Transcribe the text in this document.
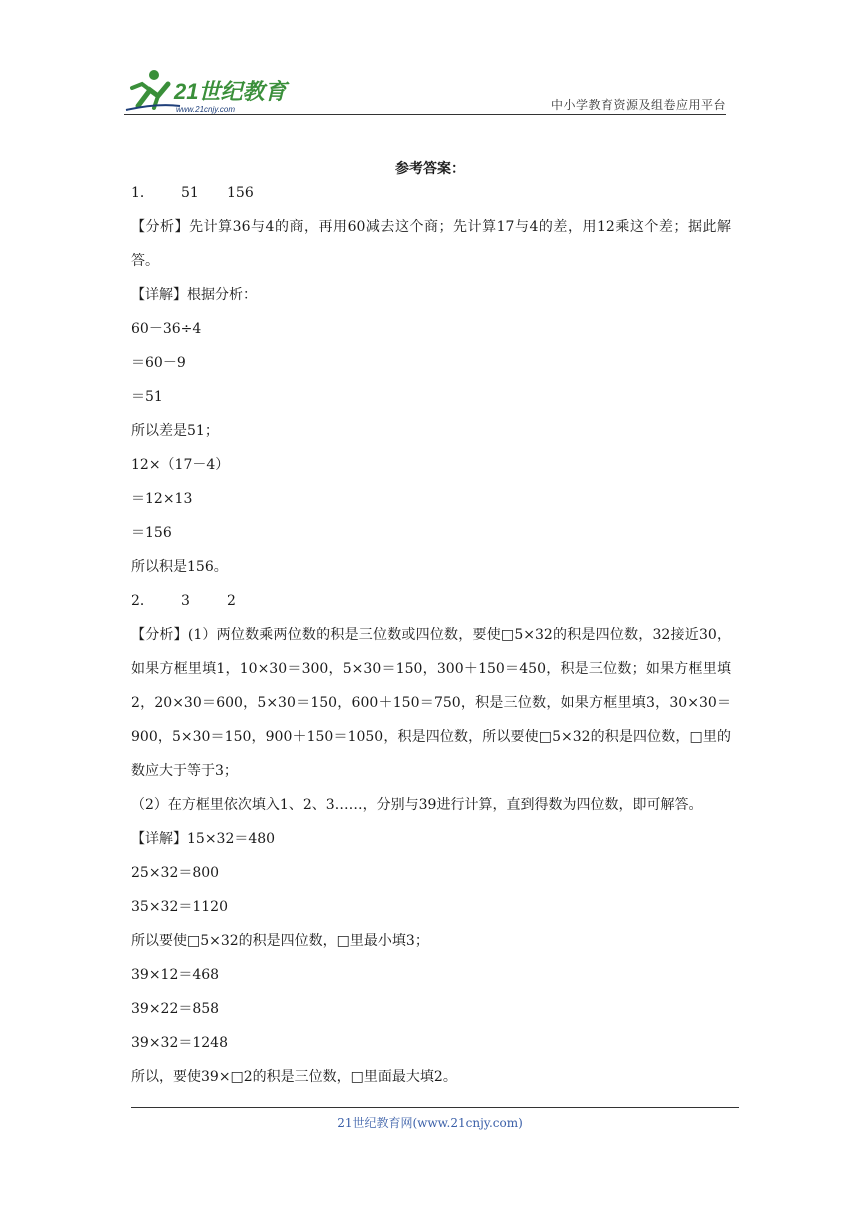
21世纪教育
www.21cnjy.com	中小学教育资源及组卷应用平台
参考答案：
1． 51 156
【分析】先计算36与4的商，再用60减去这个商；先计算17与4的差，用12乘这个差；据此解答。
【详解】根据分析：
60－36÷4
＝60－9
＝51
所以差是51；
12×（17－4）
＝12×13
＝156
所以积是156。
2． 3	2
【分析】(1）两位数乘两位数的积是三位数或四位数，要使□5×32的积是四位数，32接近30，如果方框里填1，10×30＝300，5×30＝150，300＋150＝450，积是三位数；如果方框里填2，20×30＝600，5×30＝150，600＋150＝750，积是三位数，如果方框里填3，30×30＝900，5×30＝150，900＋150＝1050，积是四位数，所以要使□5×32的积是四位数，□里的数应大于等于3；
（2）在方框里依次填入1、2、3……，分别与39进行计算，直到得数为四位数，即可解答。
【详解】15×32＝480
25×32＝800
35×32＝1120
所以要使□5×32的积是四位数，□里最小填3；
39×12＝468
39×22＝858
39×32＝1248
所以，要使39×□2的积是三位数，□里面最大填2。
21世纪教育网(www.21cnjy.com)
